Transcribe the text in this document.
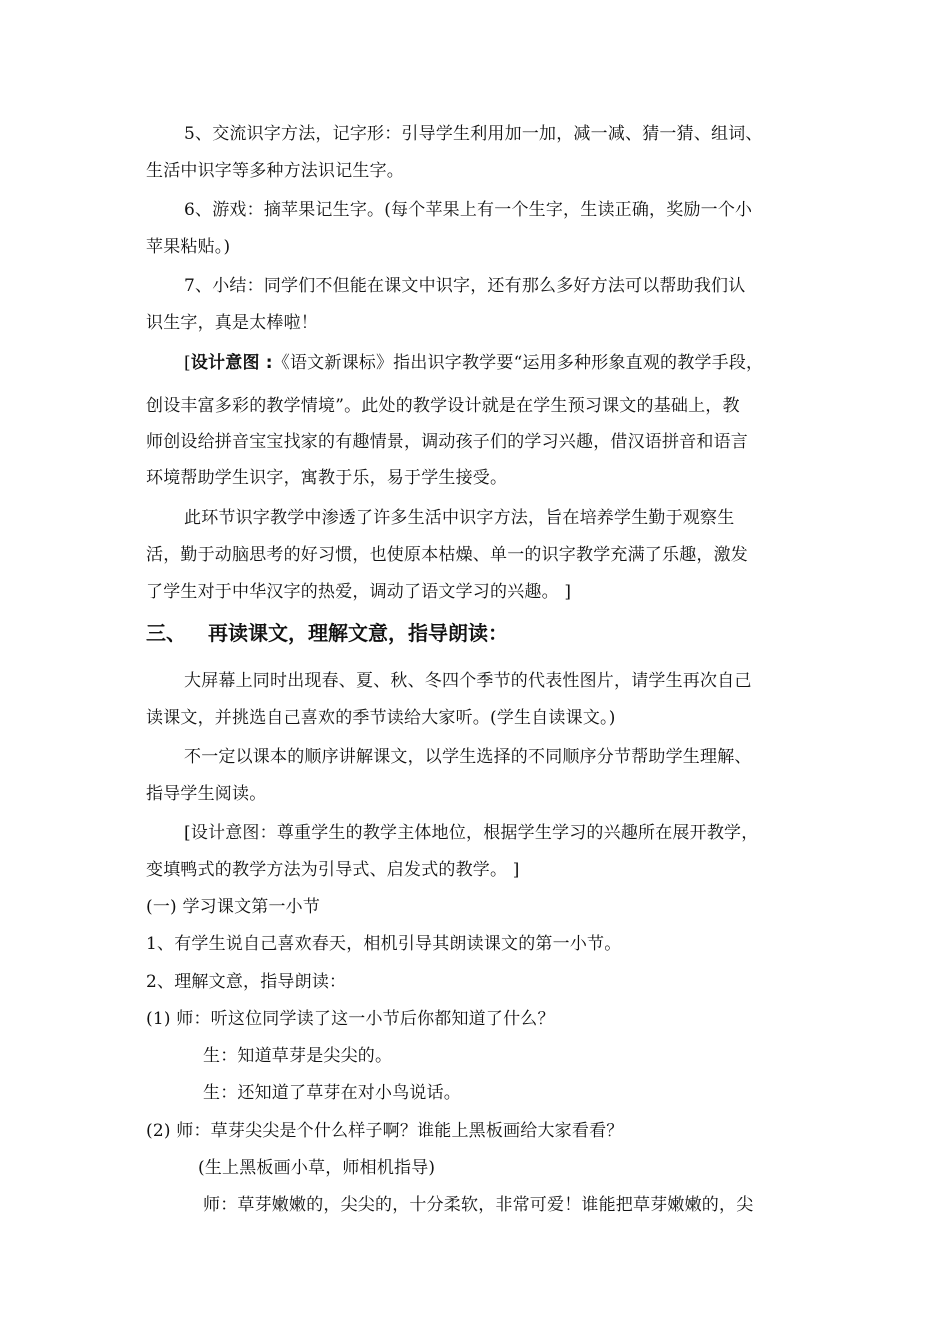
5、交流识字方法，记字形：引导学生利用加一加，减一减、猜一猜、组词、
生活中识字等多种方法识记生字。
6、游戏：摘苹果记生字。(每个苹果上有一个生字，生读正确，奖励一个小
苹果粘贴。)
7、小结：同学们不但能在课文中识字，还有那么多好方法可以帮助我们认
识生字，真是太棒啦！
[设计意图 :《语文新课标》指出识字教学要“运用多种形象直观的教学手段，
创设丰富多彩的教学情境”。此处的教学设计就是在学生预习课文的基础上，教
师创设给拼音宝宝找家的有趣情景，调动孩子们的学习兴趣，借汉语拼音和语言
环境帮助学生识字，寓教于乐，易于学生接受。
此环节识字教学中渗透了许多生活中识字方法，旨在培养学生勤于观察生
活，勤于动脑思考的好习惯，也使原本枯燥、单一的识字教学充满了乐趣，激发
了学生对于中华汉字的热爱，调动了语文学习的兴趣。 ]
三、 再读课文，理解文意，指导朗读：
大屏幕上同时出现春、夏、秋、冬四个季节的代表性图片，请学生再次自己
读课文，并挑选自己喜欢的季节读给大家听。(学生自读课文。)
不一定以课本的顺序讲解课文，以学生选择的不同顺序分节帮助学生理解、
指导学生阅读。
[设计意图：尊重学生的教学主体地位，根据学生学习的兴趣所在展开教学，
变填鸭式的教学方法为引导式、启发式的教学。 ]
(一) 学习课文第一小节
1、有学生说自己喜欢春天，相机引导其朗读课文的第一小节。
2、理解文意，指导朗读：
(1) 师：听这位同学读了这一小节后你都知道了什么？
生：知道草芽是尖尖的。
生：还知道了草芽在对小鸟说话。
(2) 师：草芽尖尖是个什么样子啊？谁能上黑板画给大家看看？
(生上黑板画小草，师相机指导)
师：草芽嫩嫩的，尖尖的，十分柔软，非常可爱！谁能把草芽嫩嫩的，尖
